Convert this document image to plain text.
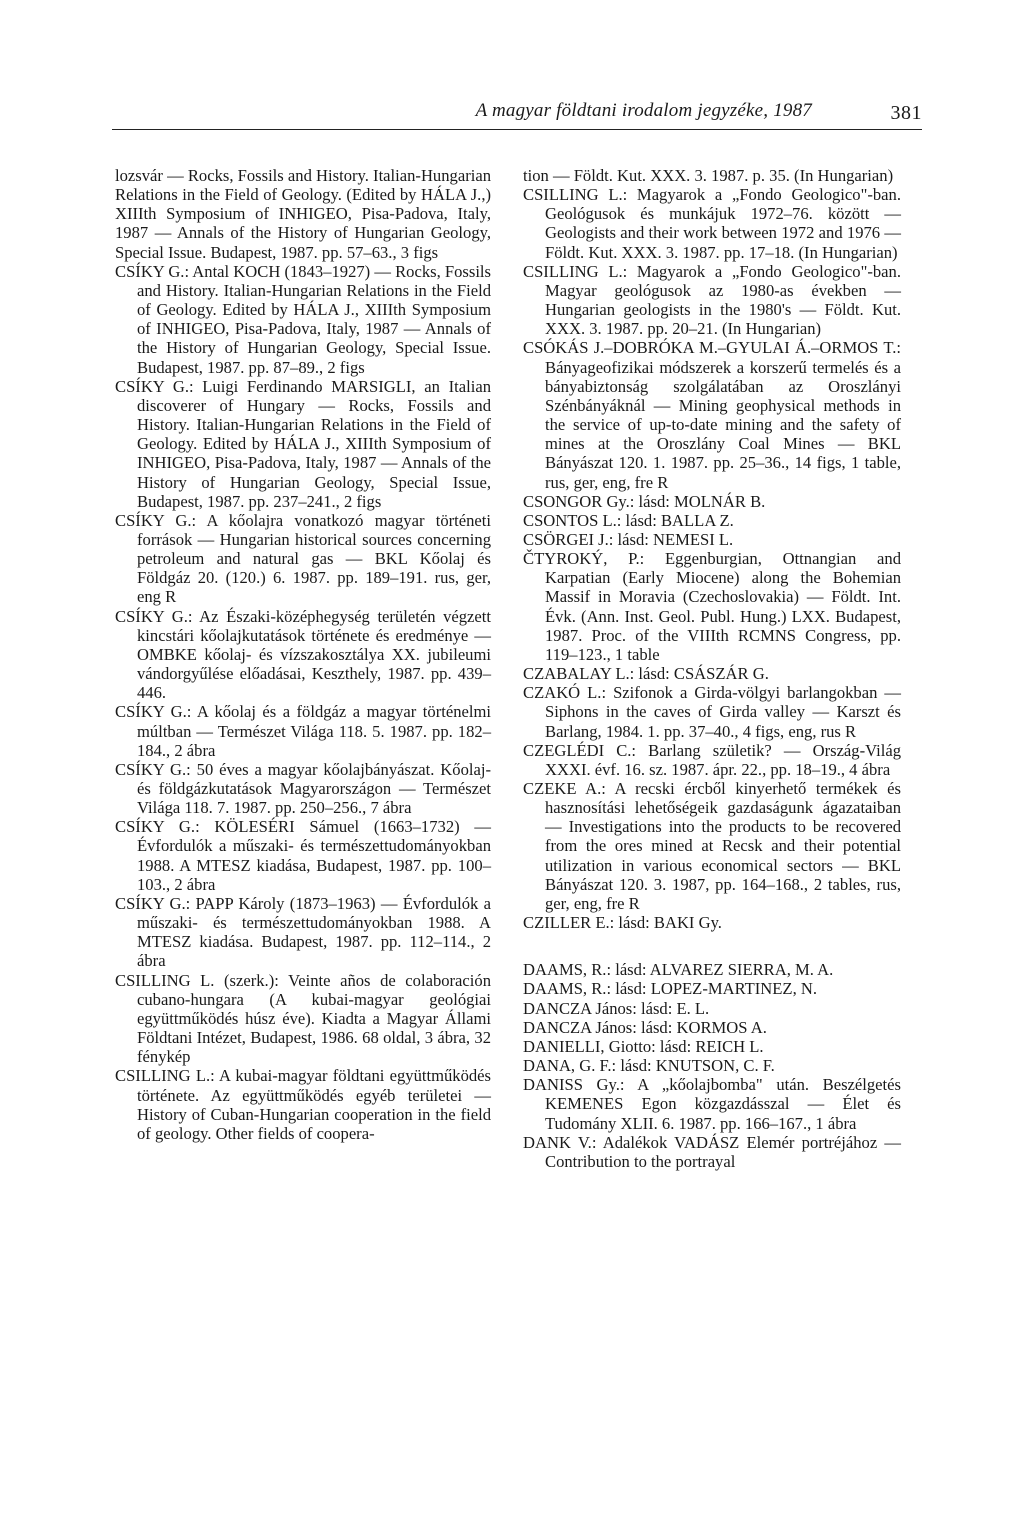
A magyar földtani irodalom jegyzéke, 1987	381

lozsvár — Rocks, Fossils and History. Italian-Hungarian Relations in the Field of Geology. (Edited by HÁLA J.,) XIIIth Symposium of INHIGEO, Pisa-Padova, Italy, 1987 — Annals of the History of Hungarian Geology, Special Issue. Budapest, 1987. pp. 57–63., 3 figs

CSÍKY G.: Antal KOCH (1843–1927) — Rocks, Fossils and History. Italian-Hungarian Relations in the Field of Geology. Edited by HÁLA J., XIIIth Symposium of INHIGEO, Pisa-Padova, Italy, 1987 — Annals of the History of Hungarian Geology, Special Issue. Budapest, 1987. pp. 87–89., 2 figs

CSÍKY G.: Luigi Ferdinando MARSIGLI, an Italian discoverer of Hungary — Rocks, Fossils and History. Italian-Hungarian Relations in the Field of Geology. Edited by HÁLA J., XIIIth Symposium of INHIGEO, Pisa-Padova, Italy, 1987 — Annals of the History of Hungarian Geology, Special Issue, Budapest, 1987. pp. 237–241., 2 figs

CSÍKY G.: A kőolajra vonatkozó magyar történeti források — Hungarian historical sources concerning petroleum and natural gas — BKL Kőolaj és Földgáz 20. (120.) 6. 1987. pp. 189–191. rus, ger, eng R

CSÍKY G.: Az Északi-középhegység területén végzett kincstári kőolajkutatások története és eredménye — OMBKE kőolaj- és vízszakosztálya XX. jubileumi vándorgyűlése előadásai, Keszthely, 1987. pp. 439–446.

CSÍKY G.: A kőolaj és a földgáz a magyar történelmi múltban — Természet Világa 118. 5. 1987. pp. 182–184., 2 ábra

CSÍKY G.: 50 éves a magyar kőolajbányászat. Kőolaj- és földgázkutatások Magyarországon — Természet Világa 118. 7. 1987. pp. 250–256., 7 ábra

CSÍKY G.: KÖLESÉRI Sámuel (1663–1732) — Évfordulók a műszaki- és természettudományokban 1988. A MTESZ kiadása, Budapest, 1987. pp. 100–103., 2 ábra

CSÍKY G.: PAPP Károly (1873–1963) — Évfordulók a műszaki- és természettudományokban 1988. A MTESZ kiadása. Budapest, 1987. pp. 112–114., 2 ábra

CSILLING L. (szerk.): Veinte años de colaboración cubano-hungara (A kubai-magyar geológiai együttműködés húsz éve). Kiadta a Magyar Állami Földtani Intézet, Budapest, 1986. 68 oldal, 3 ábra, 32 fénykép

CSILLING L.: A kubai-magyar földtani együttműködés története. Az együttműködés egyéb területei — History of Cuban-Hungarian cooperation in the field of geology. Other fields of coopera-

tion — Földt. Kut. XXX. 3. 1987. p. 35. (In Hungarian)

CSILLING L.: Magyarok a „Fondo Geologico"-ban. Geológusok és munkájuk 1972–76. között — Geologists and their work between 1972 and 1976 — Földt. Kut. XXX. 3. 1987. pp. 17–18. (In Hungarian)

CSILLING L.: Magyarok a „Fondo Geologico"-ban. Magyar geológusok az 1980-as években — Hungarian geologists in the 1980's — Földt. Kut. XXX. 3. 1987. pp. 20–21. (In Hungarian)

CSÓKÁS J.–DOBRÓKA M.–GYULAI Á.–ORMOS T.: Bányageofizikai módszerek a korszerű termelés és a bányabiztonság szolgálatában az Oroszlányi Szénbányáknál — Mining geophysical methods in the service of up-to-date mining and the safety of mines at the Oroszlány Coal Mines — BKL Bányászat 120. 1. 1987. pp. 25–36., 14 figs, 1 table, rus, ger, eng, fre R

CSONGOR Gy.: lásd: MOLNÁR B.

CSONTOS L.: lásd: BALLA Z.

CSÖRGEI J.: lásd: NEMESI L.

ČTYROKÝ, P.: Eggenburgian, Ottnangian and Karpatian (Early Miocene) along the Bohemian Massif in Moravia (Czechoslovakia) — Földt. Int. Évk. (Ann. Inst. Geol. Publ. Hung.) LXX. Budapest, 1987. Proc. of the VIIIth RCMNS Congress, pp. 119–123., 1 table

CZABALAY L.: lásd: CSÁSZÁR G.

CZAKÓ L.: Szifonok a Girda-völgyi barlangokban — Siphons in the caves of Girda valley — Karszt és Barlang, 1984. 1. pp. 37–40., 4 figs, eng, rus R

CZEGLÉDI C.: Barlang születik? — Ország-Világ XXXI. évf. 16. sz. 1987. ápr. 22., pp. 18–19., 4 ábra

CZEKE A.: A recski ércből kinyerhető termékek és hasznosítási lehetőségeik gazdaságunk ágazataiban — Investigations into the products to be recovered from the ores mined at Recsk and their potential utilization in various economical sectors — BKL Bányászat 120. 3. 1987, pp. 164–168., 2 tables, rus, ger, eng, fre R

CZILLER E.: lásd: BAKI Gy.

DAAMS, R.: lásd: ALVAREZ SIERRA, M. A.

DAAMS, R.: lásd: LOPEZ-MARTINEZ, N.

DANCZA János: lásd: E. L.

DANCZA János: lásd: KORMOS A.

DANIELLI, Giotto: lásd: REICH L.

DANA, G. F.: lásd: KNUTSON, C. F.

DANISS Gy.: A „kőolajbomba" után. Beszélgetés KEMENES Egon közgazdásszal — Élet és Tudomány XLII. 6. 1987. pp. 166–167., 1 ábra

DANK V.: Adalékok VADÁSZ Elemér portréjához — Contribution to the portrayal
